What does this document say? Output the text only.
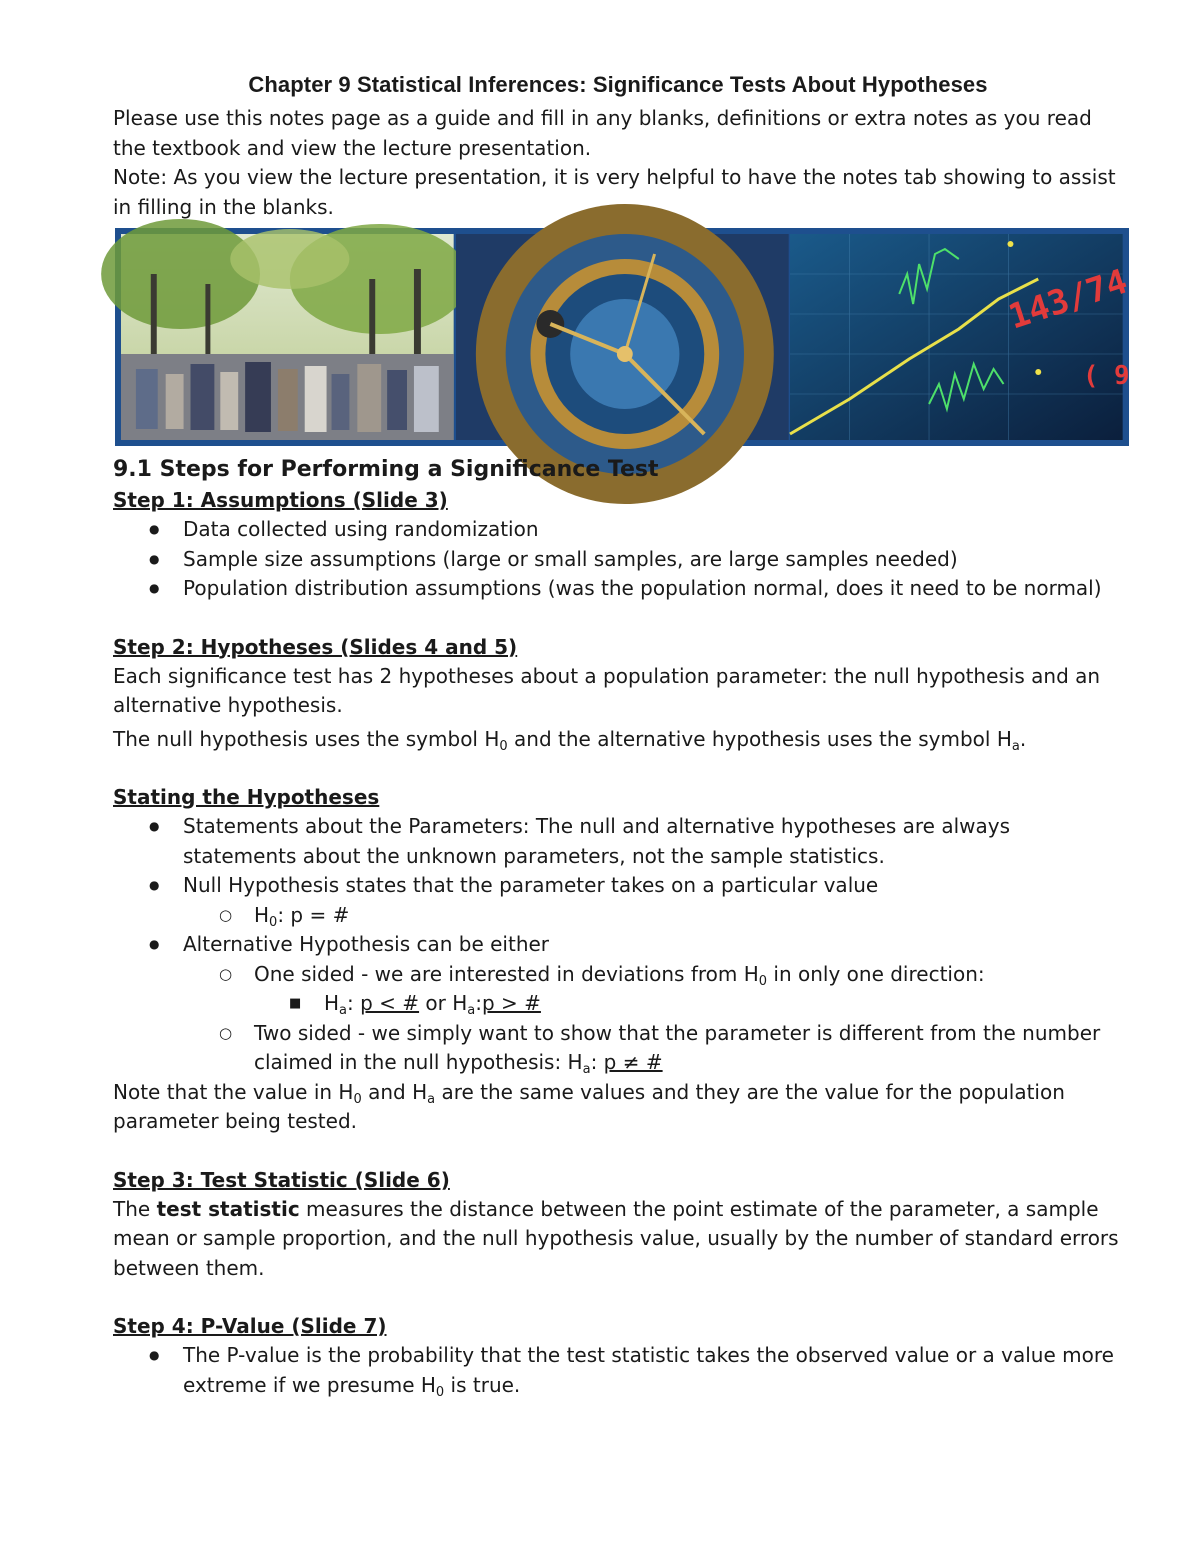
Chapter 9 Statistical Inferences: Significance Tests About Hypotheses

Please use this notes page as a guide and fill in any blanks, definitions or extra notes as you read the textbook and view the lecture presentation.

Note: As you view the lecture presentation, it is very helpful to have the notes tab showing to assist in filling in the blanks.

143/74
( 9
9.1 Steps for Performing a Significance Test
Step 1: Assumptions (Slide 3)
● Data collected using randomization
● Sample size assumptions (large or small samples, are large samples needed)
● Population distribution assumptions (was the population normal, does it need to be normal)
Step 2: Hypotheses (Slides 4 and 5)

Each significance test has 2 hypotheses about a population parameter: the null hypothesis and an alternative hypothesis.

The null hypothesis uses the symbol $H_0$ and the alternative hypothesis uses the symbol $H_a$.

Stating the Hypotheses
● Statements about the Parameters: The null and alternative hypotheses are always statements about the unknown parameters, not the sample statistics.
● Null Hypothesis states that the parameter takes on a particular value
○ $H_0$: p = #
● Alternative Hypothesis can be either
○ One sided - we are interested in deviations from $H_0$ in only one direction:
■ $H_a$: p < # or $H_a:p$ > #
○ Two sided - we simply want to show that the parameter is different from the number claimed in the null hypothesis: $H_a$: p ≠ #

Note that the value in $H_0$ and $H_a$ are the same values and they are the value for the population parameter being tested.

Step 3: Test Statistic (Slide 6)

The test statistic measures the distance between the point estimate of the parameter, a sample mean or sample proportion, and the null hypothesis value, usually by the number of standard errors between them.

Step 4: P-Value (Slide 7)
● The P-value is the probability that the test statistic takes the observed value or a value more extreme if we presume $H_0$ is true.
